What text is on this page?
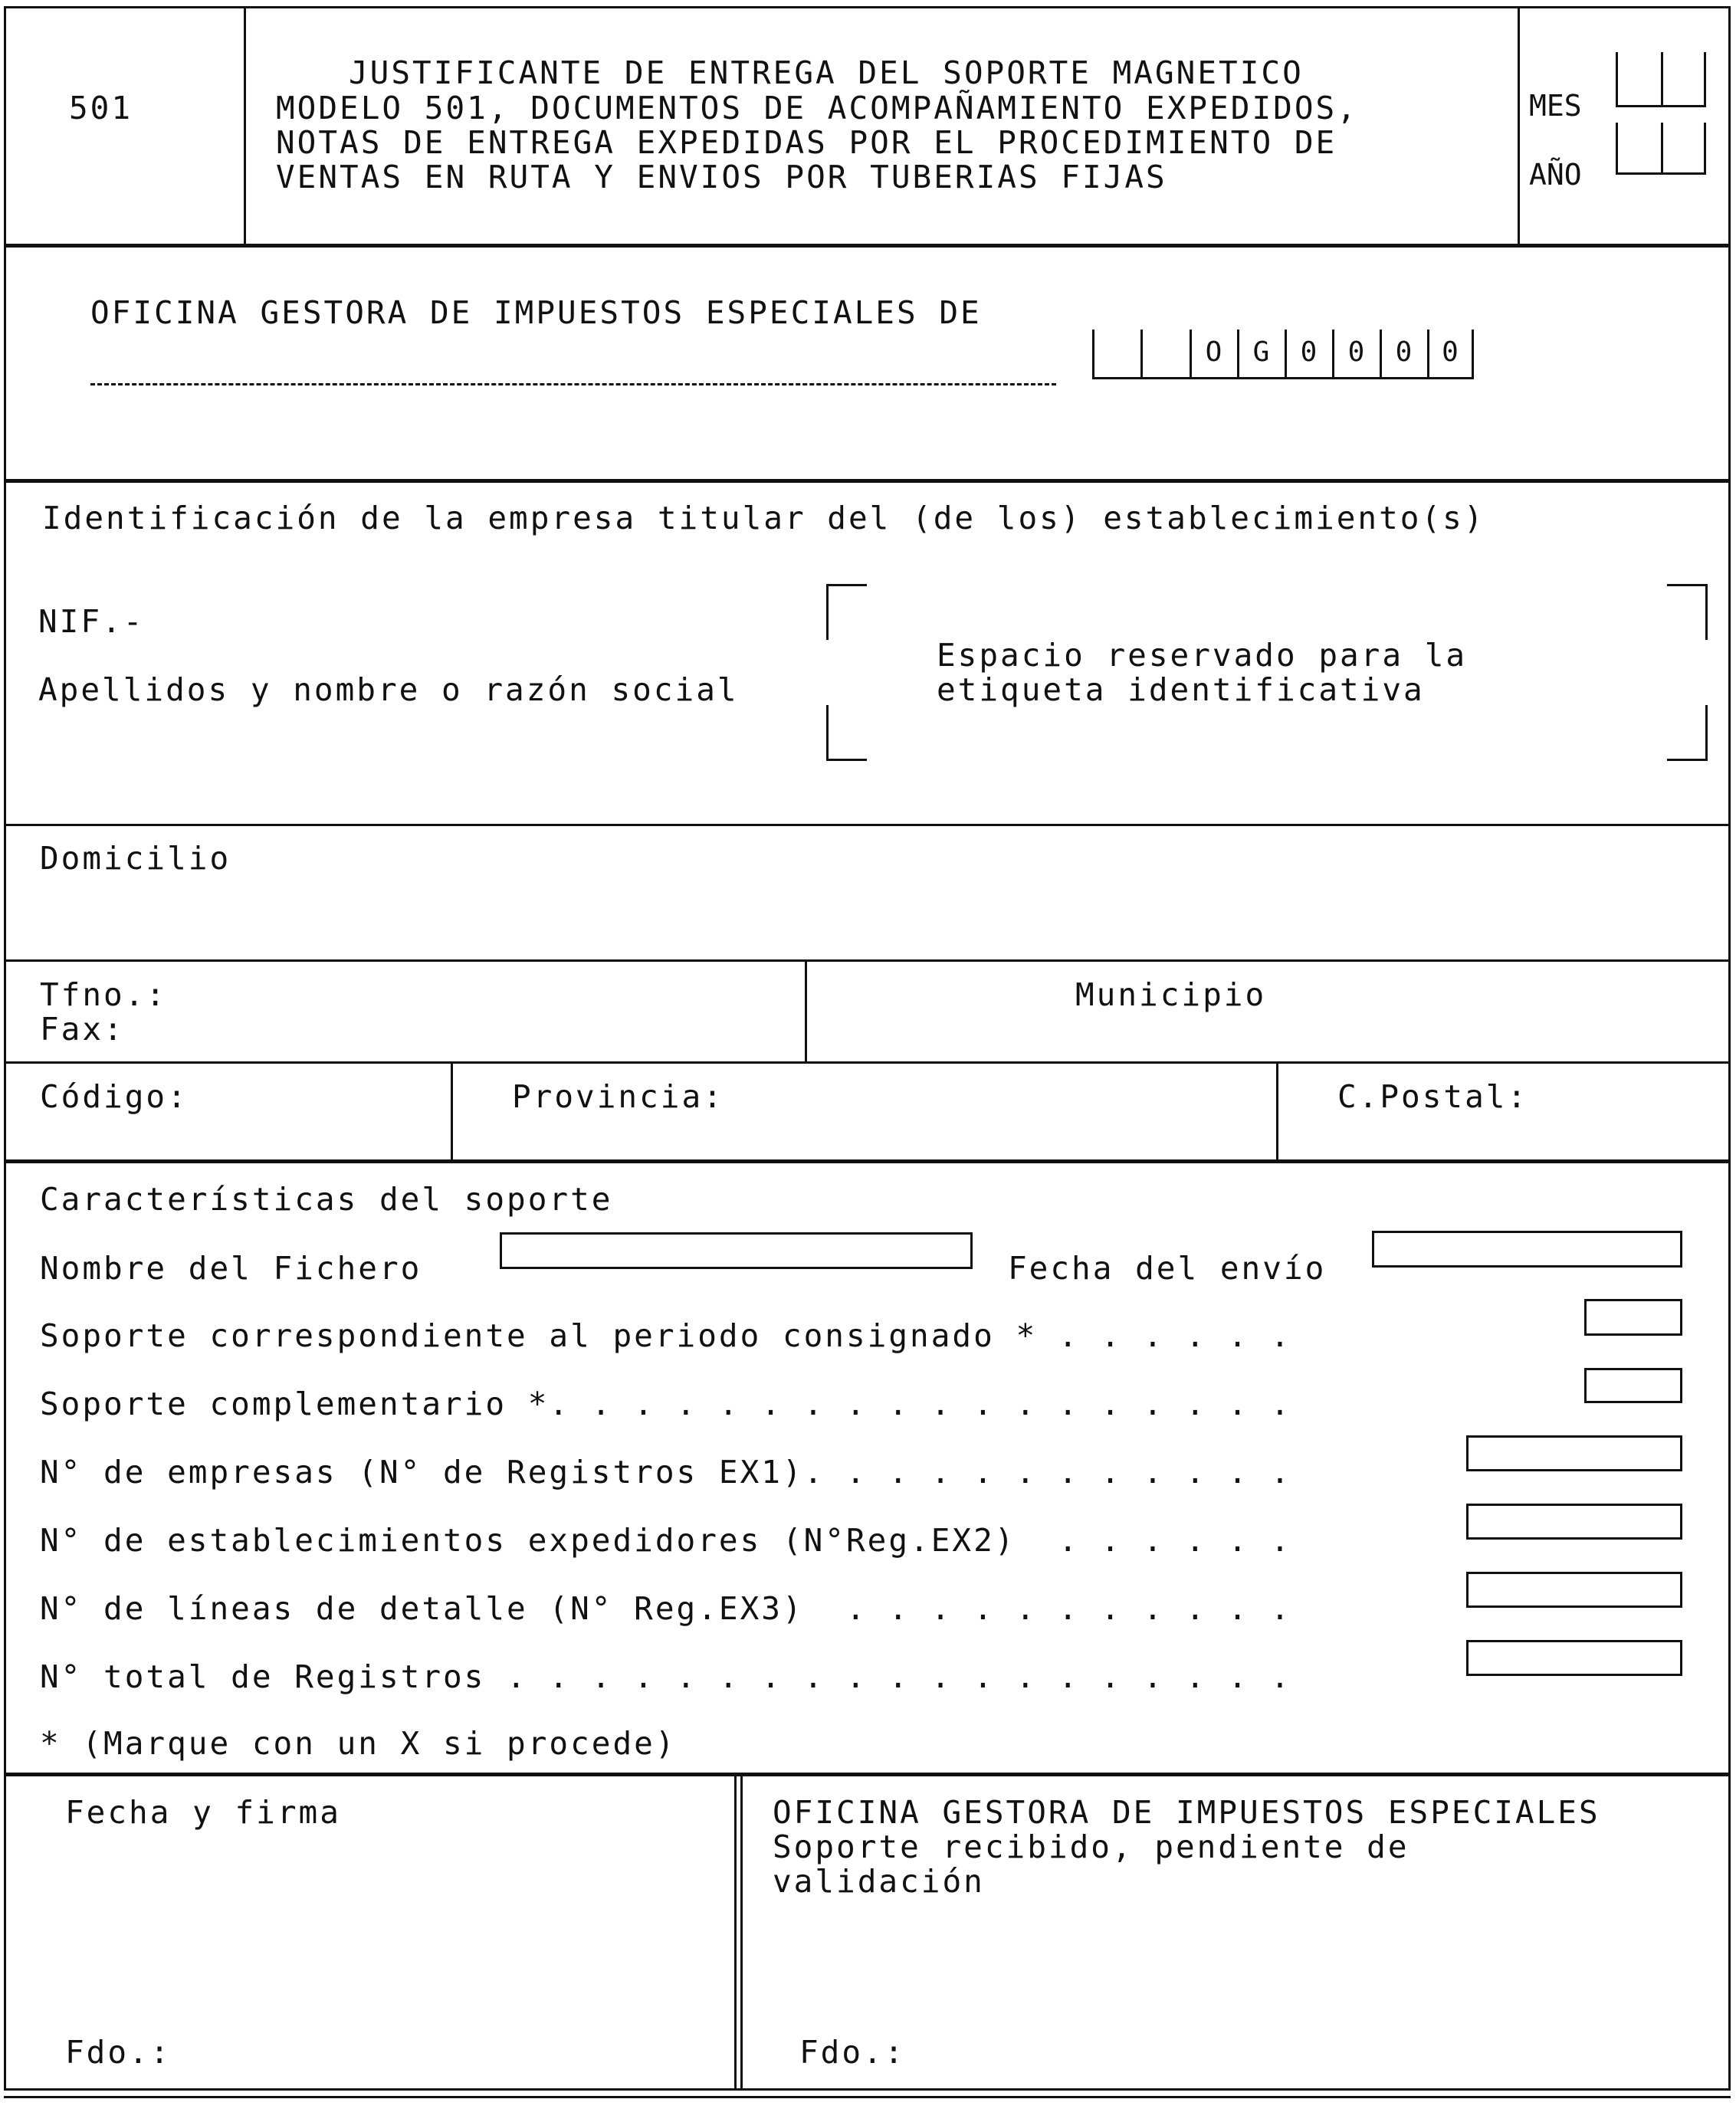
501
JUSTIFICANTE DE ENTREGA DEL SOPORTE MAGNETICO
MODELO 501, DOCUMENTOS DE ACOMPAÑAMIENTO EXPEDIDOS,
NOTAS DE ENTREGA EXPEDIDAS POR EL PROCEDIMIENTO DE
VENTAS EN RUTA Y ENVIOS POR TUBERIAS FIJAS
MES
AÑO
OFICINA GESTORA DE IMPUESTOS ESPECIALES DE
O	G	0	0	0	0
Identificación de la empresa titular del (de los) establecimiento(s)
NIF.-
Apellidos y nombre o razón social
Espacio reservado para la
etiqueta identificativa
Domicilio
Tfno.:
Fax:
Municipio
Código:	Provincia:	C.Postal:
Características del soporte
Nombre del Fichero	Fecha del envío
Soporte correspondiente al periodo consignado * . . . . . .
Soporte complementario *. . . . . . . . . . . . . . . . . .
N° de empresas (N° de Registros EX1). . . . . . . . . . . .
N° de establecimientos expedidores (N°Reg.EX2)  . . . . . .
N° de líneas de detalle (N° Reg.EX3)  . . . . . . . . . . .
N° total de Registros . . . . . . . . . . . . . . . . . . .
* (Marque con un X si procede)
Fecha y firma
Fdo.:
OFICINA GESTORA DE IMPUESTOS ESPECIALES
Soporte recibido, pendiente de
validación
Fdo.:
